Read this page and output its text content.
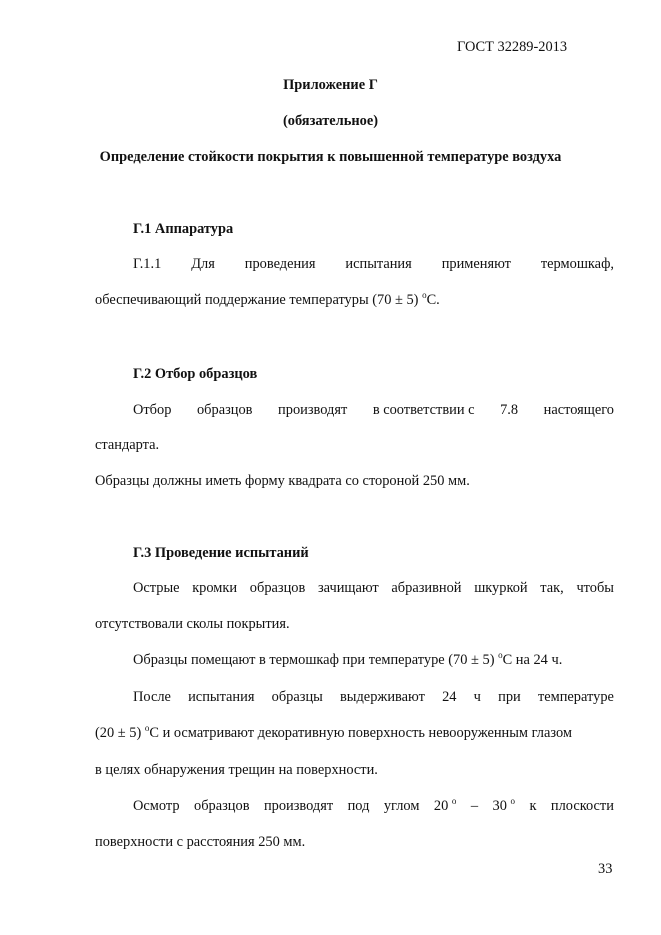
ГОСТ 32289-2013
Приложение Г
(обязательное)
Определение стойкости покрытия к повышенной температуре воздуха
Г.1 Аппаратура
Г.1.1 Для проведения испытания применяют термошкаф,
обеспечивающий поддержание температуры (70 ± 5) $^о$С.
Г.2 Отбор образцов
Отбор образцов производят в соответствии с 7.8 настоящего
стандарта.
Образцы должны иметь форму квадрата со стороной 250 мм.
Г.3 Проведение испытаний
Острые кромки образцов зачищают абразивной шкуркой так, чтобы
отсутствовали сколы покрытия.
Образцы помещают в термошкаф при температуре (70 ± 5) $^о$С на 24 ч.
После испытания образцы выдерживают 24 ч при температуре
(20 ± 5) $^о$С и осматривают декоративную поверхность невооруженным глазом
в целях обнаружения трещин на поверхности.
Осмотр образцов производят под углом 20 $^о$ – 30 $^о$ к плоскости
поверхности с расстояния 250 мм.
33
